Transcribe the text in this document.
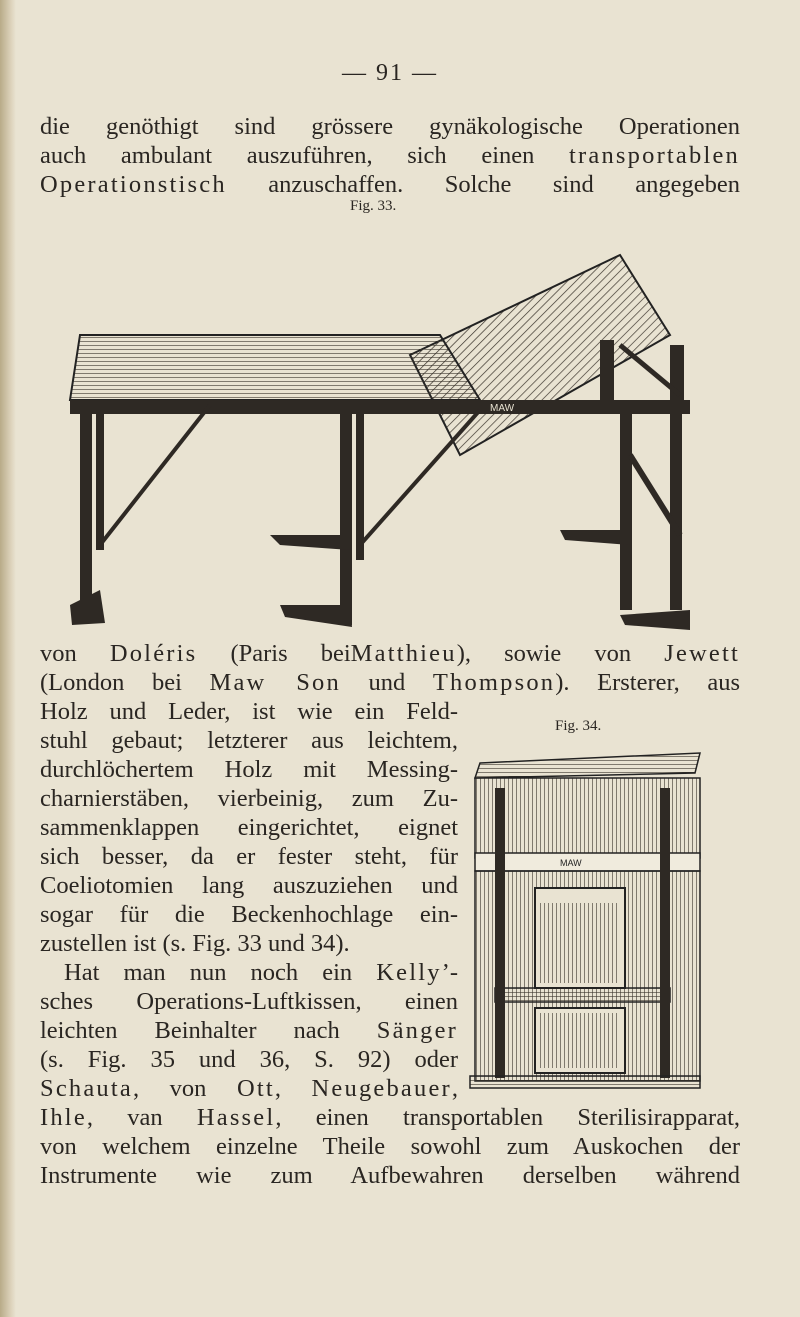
— 91 —
die genöthigt sind grössere gynäkologische Operationen
auch ambulant auszuführen, sich einen transportablen
Operationstisch anzuschaffen. Solche sind angegeben
Fig. 33.
MAW
von Doléris (Paris beiMatthieu), sowie von Jewett
(London bei Maw Son und Thompson). Ersterer, aus
Holz und Leder, ist wie ein Feld-
stuhl gebaut; letzterer aus leichtem,
durchlöchertem Holz mit Messing-
charnierstäben, vierbeinig, zum Zu-
sammenklappen eingerichtet, eignet
sich besser, da er fester steht, für
Coeliotomien lang auszuziehen und
sogar für die Beckenhochlage ein-
zustellen ist (s. Fig. 33 und 34).
Hat man nun noch ein Kelly’-
sches Operations-Luftkissen, einen
leichten Beinhalter nach Sänger
(s. Fig. 35 und 36, S. 92) oder
Schauta, von Ott, Neugebauer,
Fig. 34.
MAW
Ihle, van Hassel, einen transportablen Sterilisirapparat,
von welchem einzelne Theile sowohl zum Auskochen der
Instrumente wie zum Aufbewahren derselben während
